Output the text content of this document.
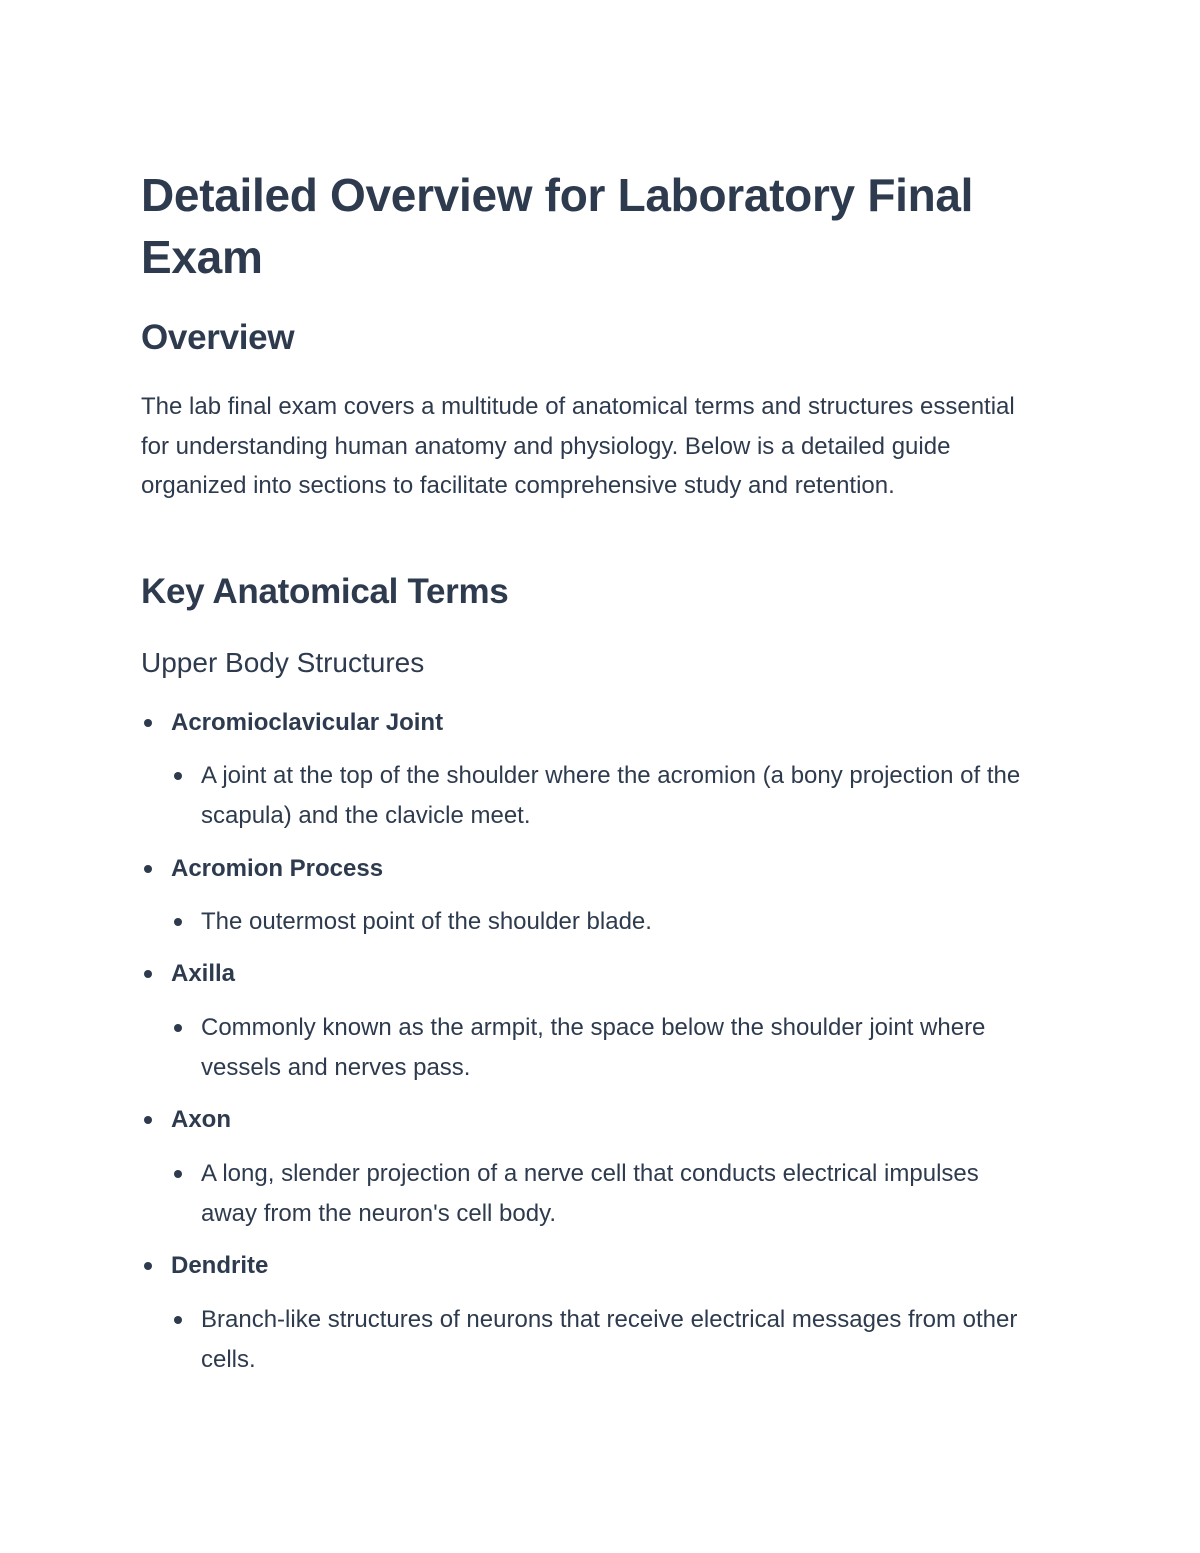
Detailed Overview for Laboratory Final Exam
Overview

The lab final exam covers a multitude of anatomical terms and structures essential for understanding human anatomy and physiology. Below is a detailed guide organized into sections to facilitate comprehensive study and retention.

Key Anatomical Terms
Upper Body Structures
Acromioclavicular Joint
A joint at the top of the shoulder where the acromion (a bony projection of the scapula) and the clavicle meet.
Acromion Process
The outermost point of the shoulder blade.
Axilla
Commonly known as the armpit, the space below the shoulder joint where vessels and nerves pass.
Axon
A long, slender projection of a nerve cell that conducts electrical impulses away from the neuron's cell body.
Dendrite
Branch-like structures of neurons that receive electrical messages from other cells.
